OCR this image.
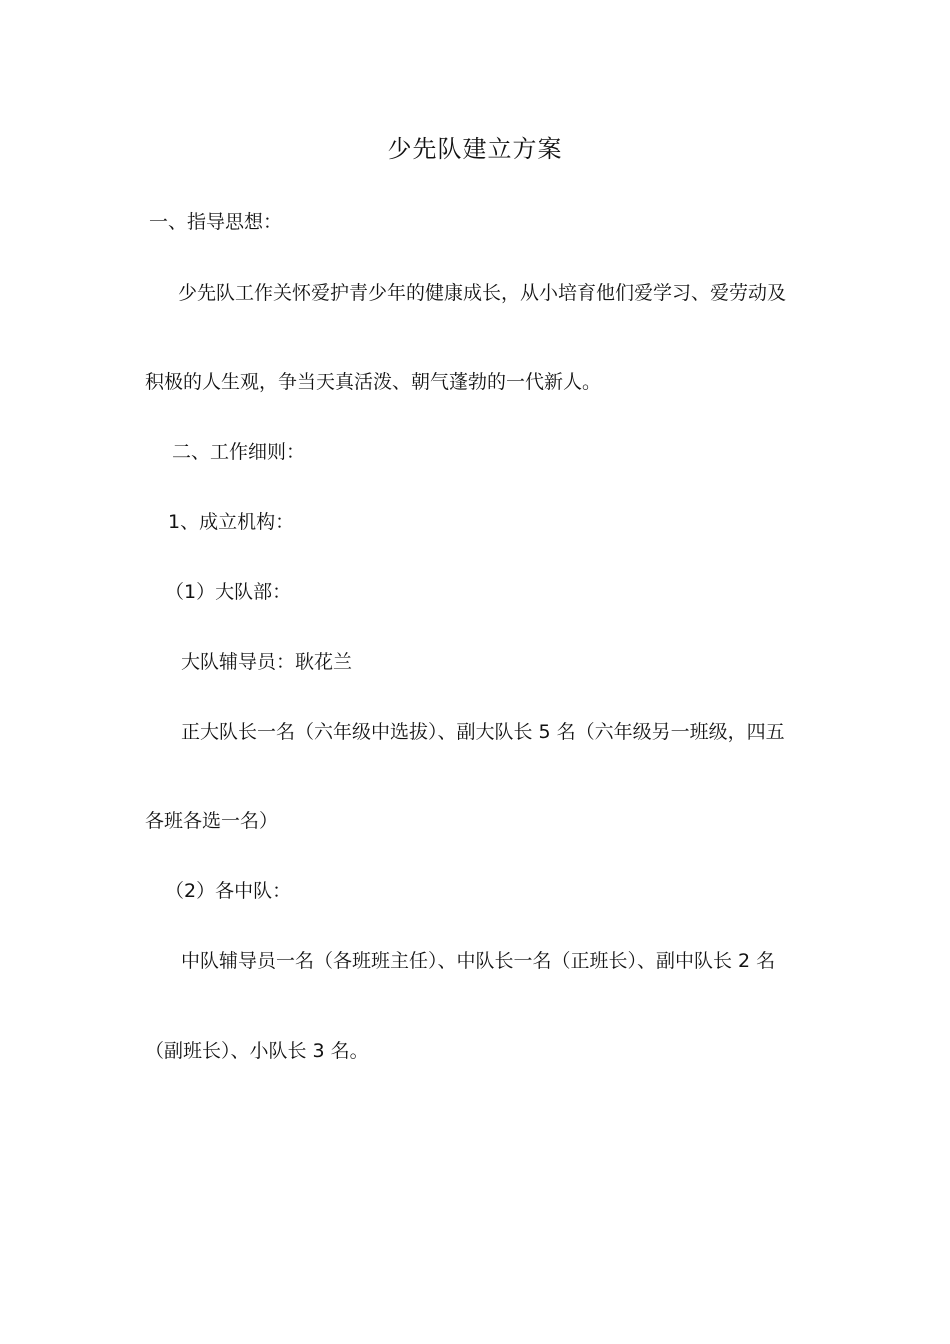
少先队建立方案
一、指导思想：
少先队工作关怀爱护青少年的健康成长，从小培育他们爱学习、爱劳动及
积极的人生观，争当天真活泼、朝气蓬勃的一代新人。
二、工作细则：
1、成立机构：
（1）大队部：
大队辅导员：耿花兰
正大队长一名（六年级中选拔）、副大队长 5 名（六年级另一班级，四五
各班各选一名）
（2）各中队：
中队辅导员一名（各班班主任）、中队长一名（正班长）、副中队长 2 名
（副班长）、小队长 3 名。
